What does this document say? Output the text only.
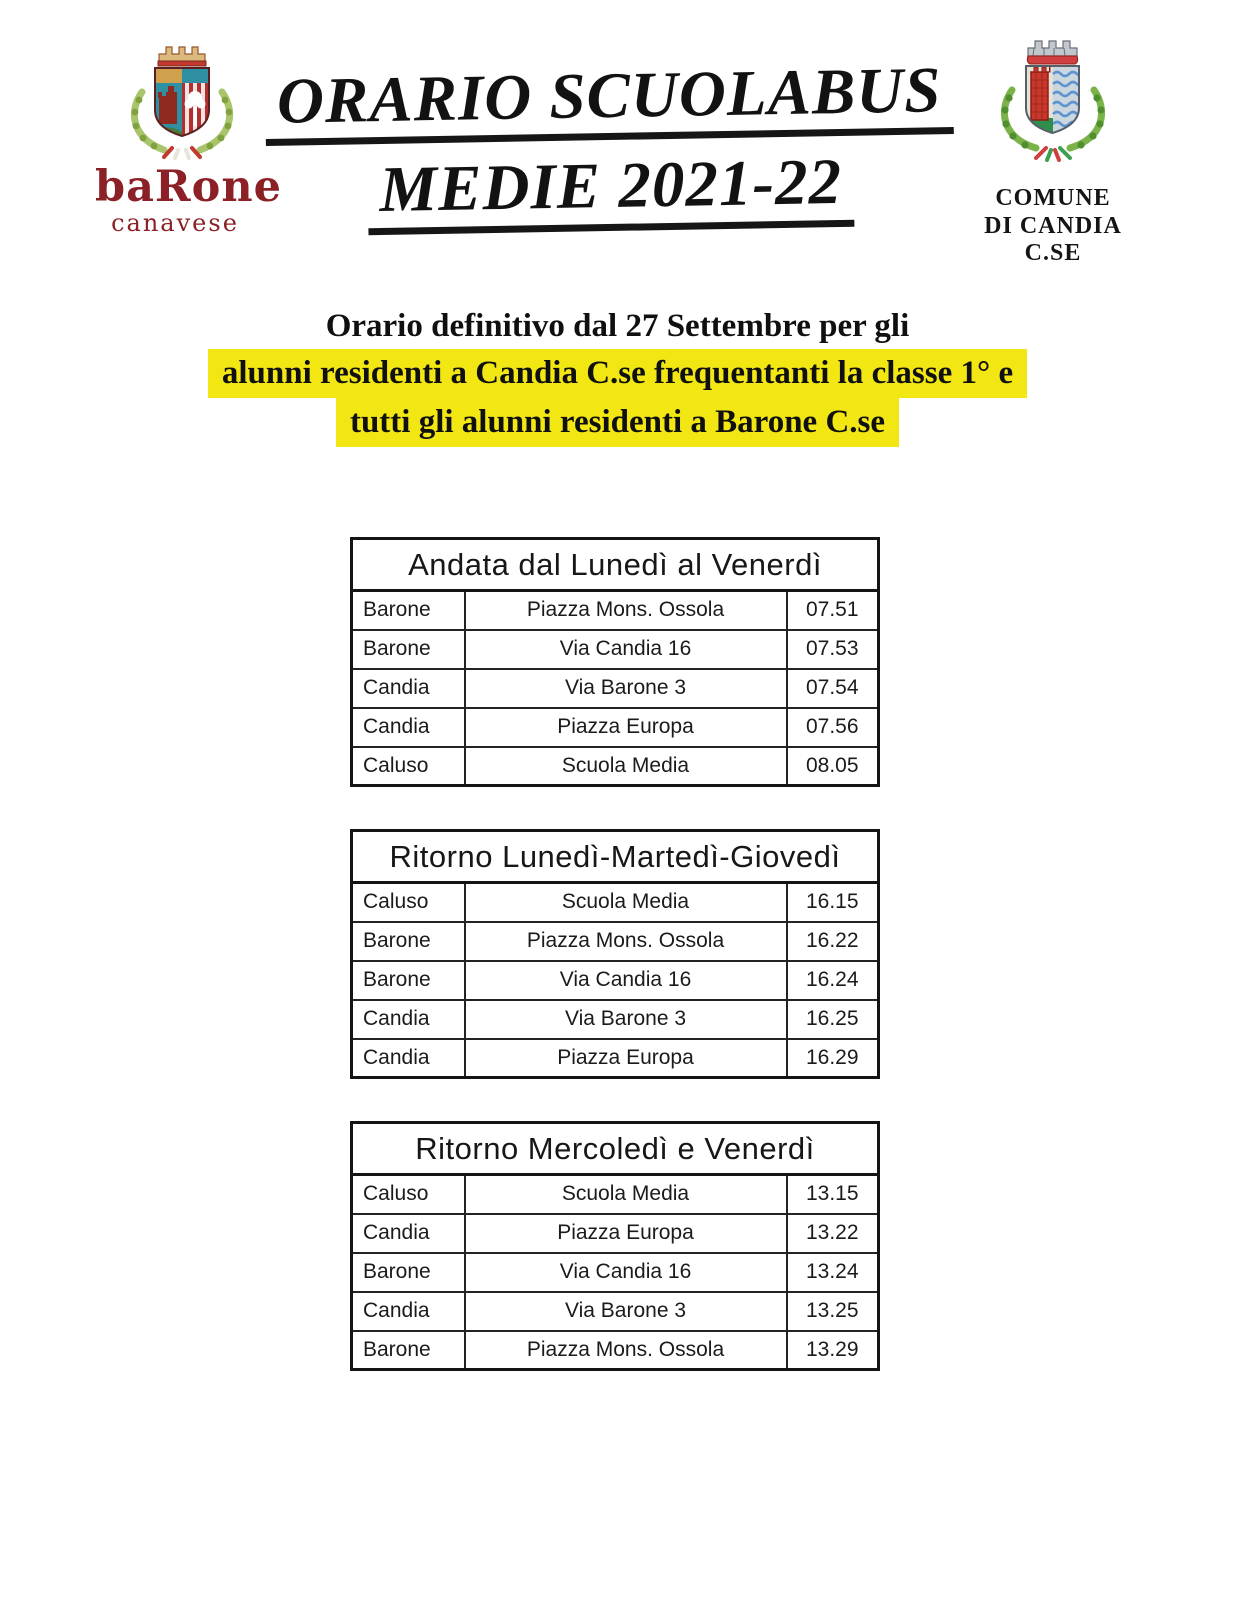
baRone
canavese
ORARIO SCUOLABUS
MEDIE 2021-22	COMUNE
DI CANDIA C.SE
Orario definitivo dal 27 Settembre per gli
alunni residenti a Candia C.se frequentanti la classe 1° e
tutti gli alunni residenti a Barone C.se
Andata dal Lunedì al Venerdì		
Barone	Piazza Mons. Ossola	07.51
Barone	Via Candia 16	07.53
Candia	Via Barone 3	07.54
Candia	Piazza Europa	07.56
Caluso	Scuola Media	08.05
Ritorno Lunedì-Martedì-Giovedì		
Caluso	Scuola Media	16.15
Barone	Piazza Mons. Ossola	16.22
Barone	Via Candia 16	16.24
Candia	Via Barone 3	16.25
Candia	Piazza Europa	16.29
Ritorno Mercoledì e Venerdì		
Caluso	Scuola Media	13.15
Candia	Piazza Europa	13.22
Barone	Via Candia 16	13.24
Candia	Via Barone 3	13.25
Barone	Piazza Mons. Ossola	13.29
